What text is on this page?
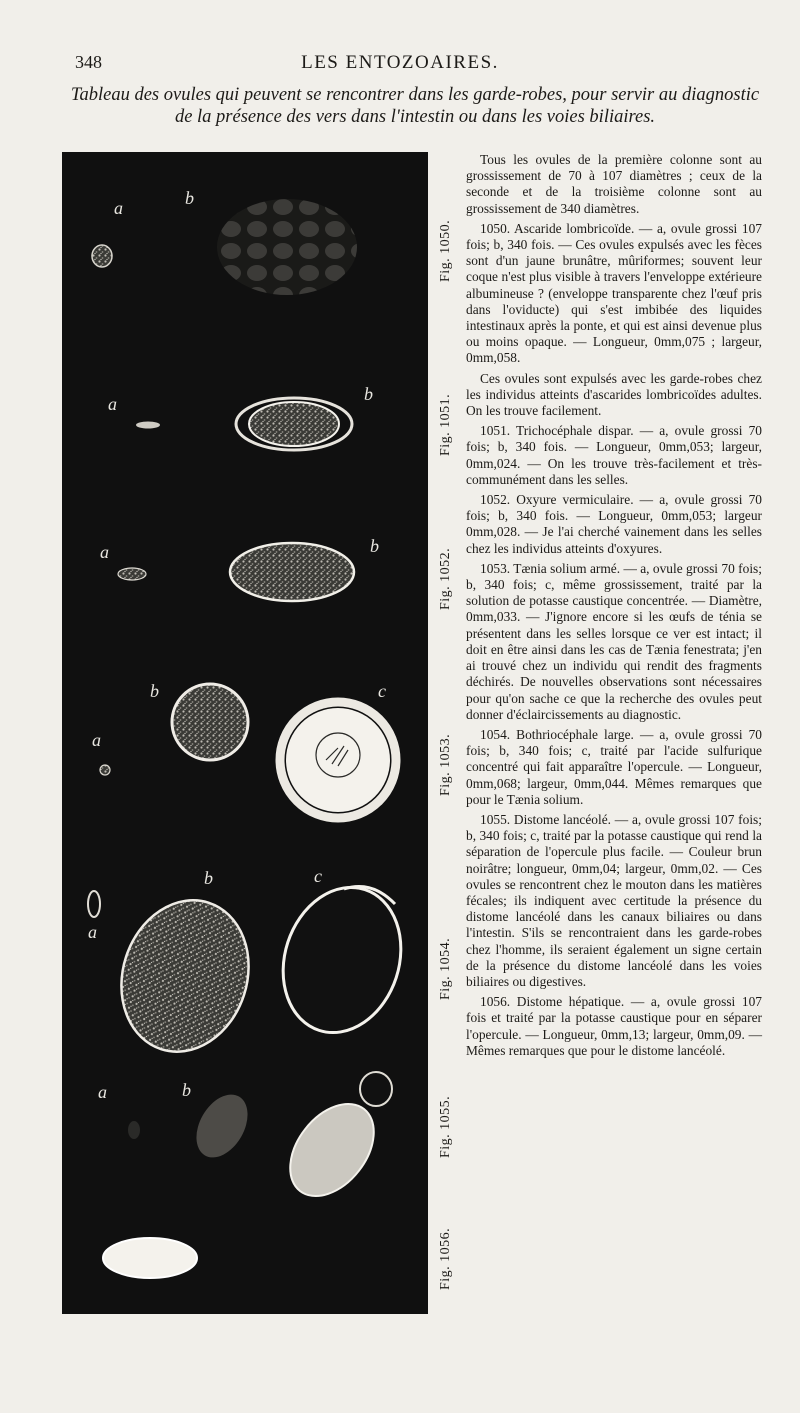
348	LES ENTOZOAIRES.
Tableau des ovules qui peuvent se rencontrer dans les garde-robes, pour servir au diagnostic de la présence des vers dans l'intestin ou dans les voies biliaires.
a	b
a	b
a	b
a
b	c
a
b	c
a	b
Fig. 1050.
Fig. 1051.
Fig. 1052.
Fig. 1053.
Fig. 1054.
Fig. 1055.
Fig. 1056.

Tous les ovules de la première colonne sont au grossissement de 70 à 107 diamètres ; ceux de la seconde et de la troisième colonne sont au grossissement de 340 diamètres.

1050. Ascaride lombricoïde. — a, ovule grossi 107 fois; b, 340 fois. — Ces ovules expulsés avec les fèces sont d'un jaune brunâtre, mûriformes; souvent leur coque n'est plus visible à travers l'enveloppe extérieure albumineuse ? (enveloppe transparente chez l'œuf pris dans l'oviducte) qui s'est imbibée des liquides intestinaux après la ponte, et qui est ainsi devenue plus ou moins opaque. — Longueur, 0mm,075 ; largeur, 0mm,058.

Ces ovules sont expulsés avec les garde-robes chez les individus atteints d'ascarides lombricoïdes adultes. On les trouve facilement.

1051. Trichocéphale dispar. — a, ovule grossi 70 fois; b, 340 fois. — Longueur, 0mm,053; largeur, 0mm,024. — On les trouve très-facilement et très-communément dans les selles.

1052. Oxyure vermiculaire. — a, ovule grossi 70 fois; b, 340 fois. — Longueur, 0mm,053; largeur 0mm,028. — Je l'ai cherché vainement dans les selles chez les individus atteints d'oxyures.

1053. Tænia solium armé. — a, ovule grossi 70 fois; b, 340 fois; c, même grossissement, traité par la solution de potasse caustique concentrée. — Diamètre, 0mm,033. — J'ignore encore si les œufs de ténia se présentent dans les selles lorsque ce ver est intact; il doit en être ainsi dans les cas de Tænia fenestrata; j'en ai trouvé chez un individu qui rendit des fragments déchirés. De nouvelles observations sont nécessaires pour qu'on sache ce que la recherche des ovules peut donner d'éclaircissements au diagnostic.

1054. Bothriocéphale large. — a, ovule grossi 70 fois; b, 340 fois; c, traité par l'acide sulfurique concentré qui fait apparaître l'opercule. — Longueur, 0mm,068; largeur, 0mm,044. Mêmes remarques que pour le Tænia solium.

1055. Distome lancéolé. — a, ovule grossi 107 fois; b, 340 fois; c, traité par la potasse caustique qui rend la séparation de l'opercule plus facile. — Couleur brun noirâtre; longueur, 0mm,04; largeur, 0mm,02. — Ces ovules se rencontrent chez le mouton dans les matières fécales; ils indiquent avec certitude la présence du distome lancéolé dans les canaux biliaires ou dans l'intestin. S'ils se rencontraient dans les garde-robes chez l'homme, ils seraient également un signe certain de la présence du distome lancéolé dans les voies biliaires ou digestives.

1056. Distome hépatique. — a, ovule grossi 107 fois et traité par la potasse caustique pour en séparer l'opercule. — Longueur, 0mm,13; largeur, 0mm,09. — Mêmes remarques que pour le distome lancéolé.
